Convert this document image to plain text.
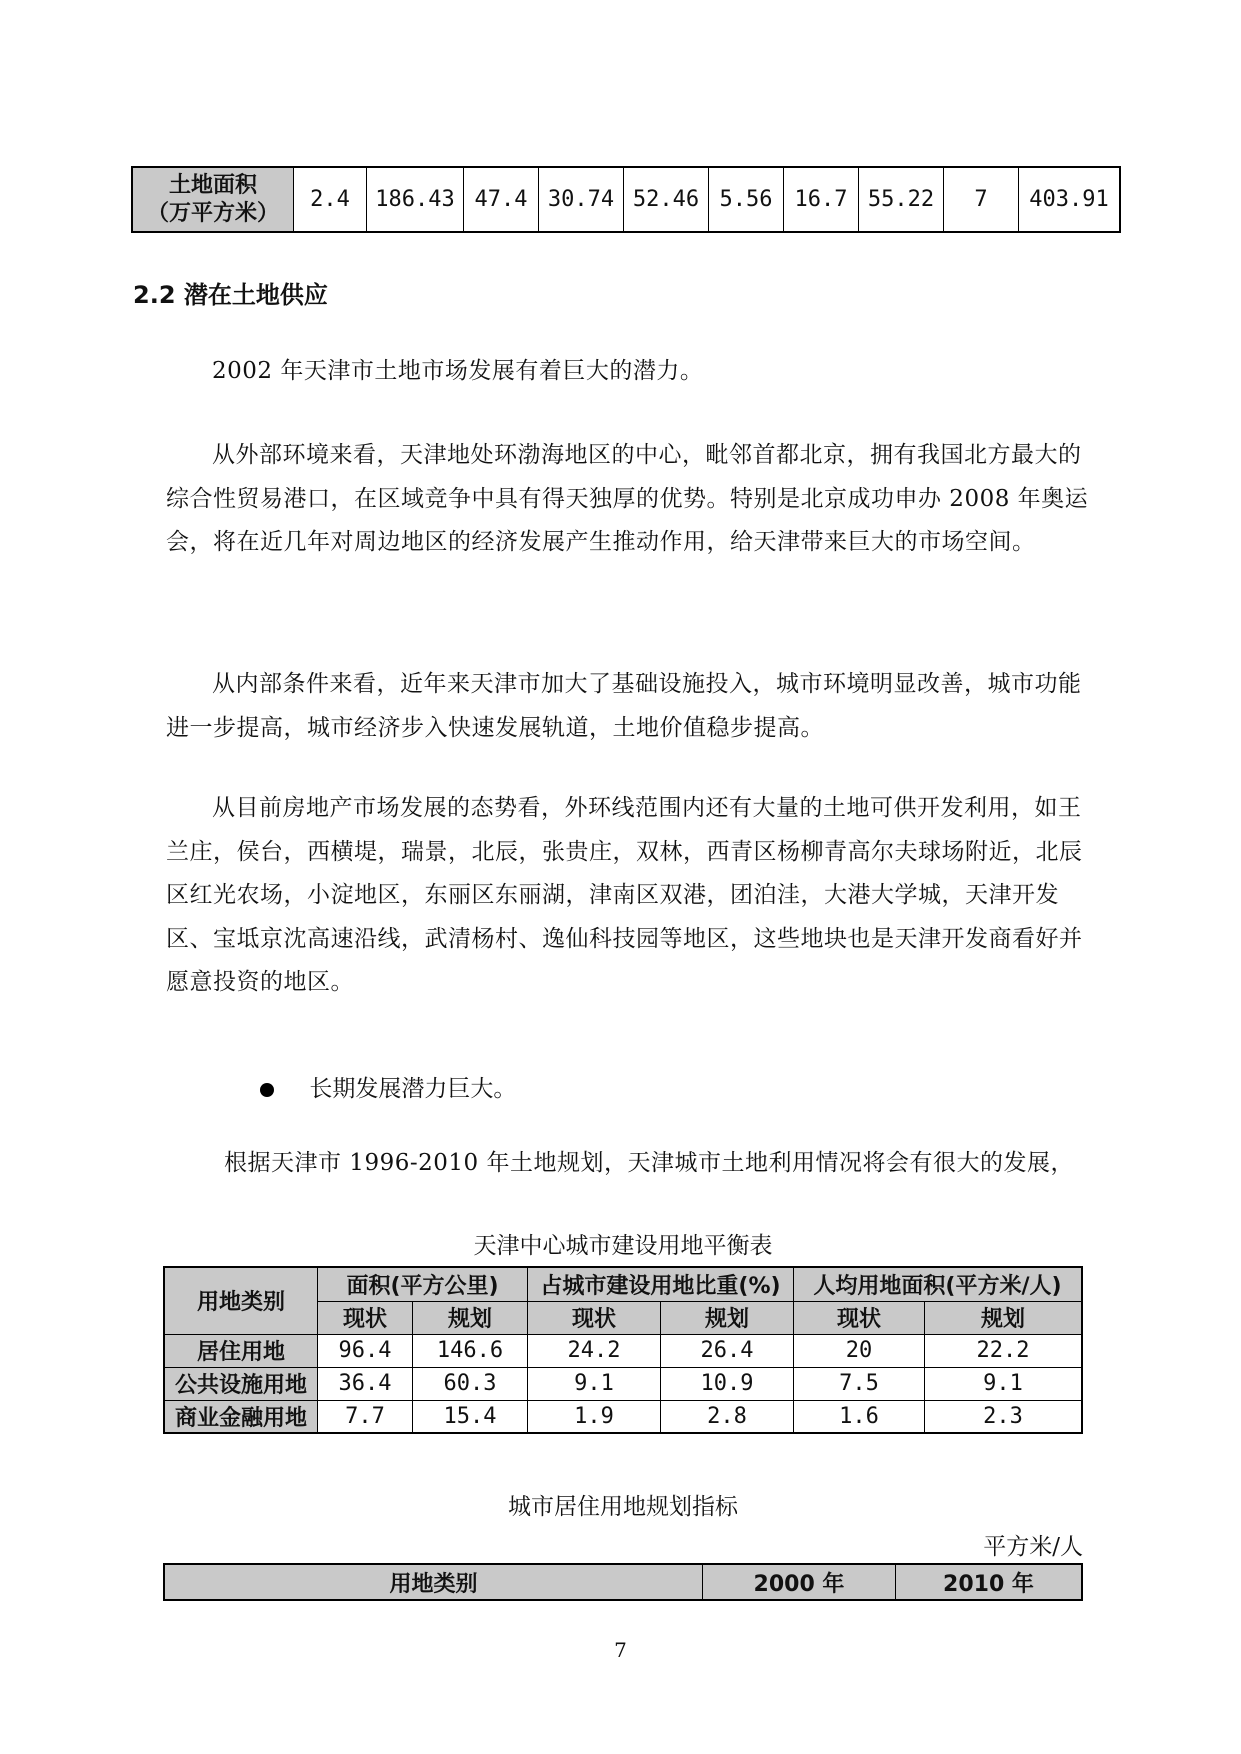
土地面积
（万平方米）
	2.4	186.43	47.4	30.74	52.46	5.56	16.7	55.22	7	403.91
2.2 潜在土地供应

2002 年天津市土地市场发展有着巨大的潜力。

从外部环境来看，天津地处环渤海地区的中心，毗邻首都北京，拥有我国北方最大的综合性贸易港口，在区域竞争中具有得天独厚的优势。特别是北京成功申办 2008 年奥运会，将在近几年对周边地区的经济发展产生推动作用，给天津带来巨大的市场空间。

从内部条件来看，近年来天津市加大了基础设施投入，城市环境明显改善，城市功能进一步提高，城市经济步入快速发展轨道，土地价值稳步提高。

从目前房地产市场发展的态势看，外环线范围内还有大量的土地可供开发利用，如王兰庄，侯台，西横堤，瑞景，北辰，张贵庄，双林，西青区杨柳青高尔夫球场附近，北辰区红光农场，小淀地区，东丽区东丽湖，津南区双港，团泊洼，大港大学城，天津开发区、宝坻京沈高速沿线，武清杨村、逸仙科技园等地区，这些地块也是天津开发商看好并愿意投资的地区。

长期发展潜力巨大。

根据天津市 1996-2010 年土地规划，天津城市土地利用情况将会有很大的发展，

天津中心城市建设用地平衡表
用地类别	面积(平方公里)		占城市建设用地比重(%)		人均用地面积(平方米/人)	
	现状	规划	现状	规划	现状	规划
居住用地	96.4	146.6	24.2	26.4	20	22.2
公共设施用地	36.4	60.3	9.1	10.9	7.5	9.1
商业金融用地	7.7	15.4	1.9	2.8	1.6	2.3
城市居住用地规划指标
平方米/人
用地类别	2000 年	2010 年
7
